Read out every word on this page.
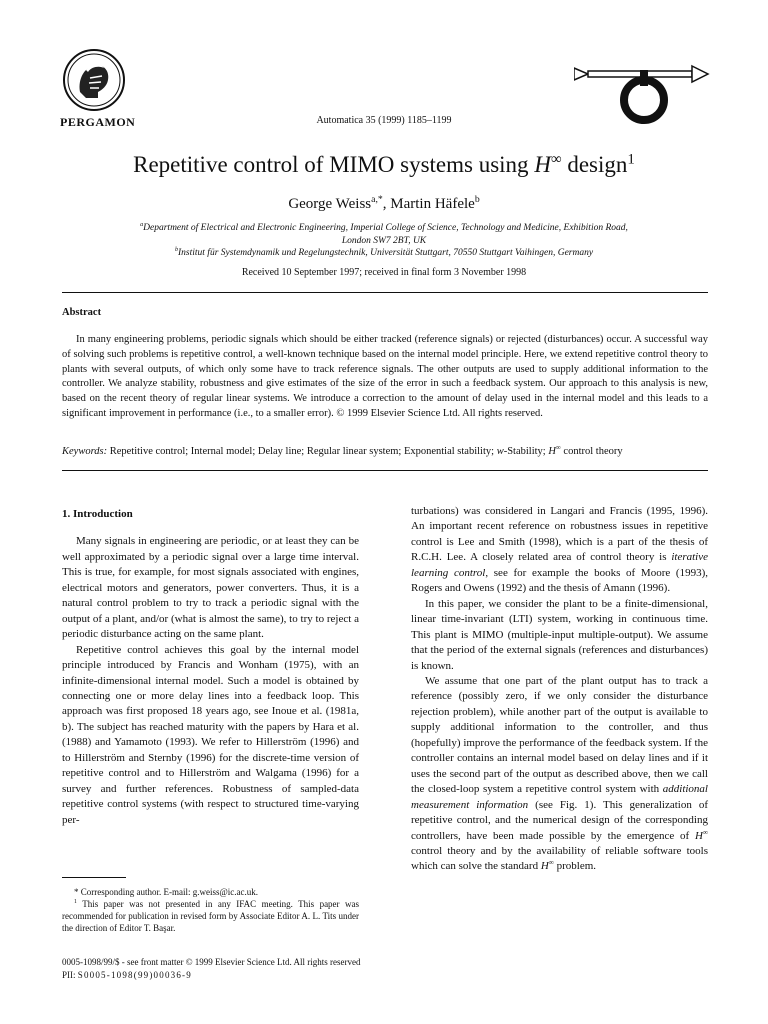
PERGAMON	Automatica 35 (1999) 1185–1199
Repetitive control of MIMO systems using H∞ design$^1$
George Weiss$^{a,*}$, Martin Häfele$^b$
$^a$Department of Electrical and Electronic Engineering, Imperial College of Science, Technology and Medicine, Exhibition Road,
London SW7 2BT, UK
$^b$Institut für Systemdynamik und Regelungstechnik, Universität Stuttgart, 70550 Stuttgart Vaihingen, Germany
Received 10 September 1997; received in final form 3 November 1998
Abstract
In many engineering problems, periodic signals which should be either tracked (reference signals) or rejected (disturbances) occur. A successful way of solving such problems is repetitive control, a well-known technique based on the internal model principle. Here, we extend repetitive control theory to plants with several outputs, of which only some have to track reference signals. The other outputs are used to supply additional information to the controller. We analyze stability, robustness and give estimates of the size of the error in such a feedback system. Our approach to this analysis is new, based on the recent theory of regular linear systems. We introduce a correction to the amount of delay used in the internal model and this leads to a significant improvement in performance (i.e., to a smaller error). © 1999 Elsevier Science Ltd. All rights reserved.
Keywords: Repetitive control; Internal model; Delay line; Regular linear system; Exponential stability; w-Stability; H∞ control theory

1. Introduction

Many signals in engineering are periodic, or at least they can be well approximated by a periodic signal over a large time interval. This is true, for example, for most signals associated with engines, electrical motors and generators, power converters. Thus, it is a natural control problem to try to track a periodic signal with the output of a plant, and/or (what is almost the same), to try to reject a periodic disturbance acting on the same plant.

Repetitive control achieves this goal by the internal model principle introduced by Francis and Wonham (1975), with an infinite-dimensional internal model. Such a model is obtained by connecting one or more delay lines into a feedback loop. This approach was first proposed 18 years ago, see Inoue et al. (1981a, b). The subject has reached maturity with the papers by Hara et al. (1988) and Yamamoto (1993). We refer to Hillerström (1996) and to Hillerström and Sternby (1996) for the discrete-time version of repetitive control and to Hillerström and Walgama (1996) for a survey and further references. Robustness of sampled-data repetitive control systems (with respect to structured time-varying per-

turbations) was considered in Langari and Francis (1995, 1996). An important recent reference on robustness issues in repetitive control is Lee and Smith (1998), which is a part of the thesis of R.C.H. Lee. A closely related area of control theory is iterative learning control, see for example the books of Moore (1993), Rogers and Owens (1992) and the thesis of Amann (1996).

In this paper, we consider the plant to be a finite-dimensional, linear time-invariant (LTI) system, working in continuous time. This plant is MIMO (multiple-input multiple-output). We assume that the period of the external signals (references and disturbances) is known.

We assume that one part of the plant output has to track a reference (possibly zero, if we only consider the disturbance rejection problem), while another part of the output is available to supply additional information to the controller, and thus (hopefully) improve the performance of the feedback system. If the controller contains an internal model based on delay lines and if it uses the second part of the output as described above, then we call the closed-loop system a repetitive control system with additional measurement information (see Fig. 1). This generalization of repetitive control, and the numerical design of the corresponding controllers, have been made possible by the emergence of H∞ control theory and by the availability of reliable software tools which can solve the standard H∞ problem.

* Corresponding author. E-mail: g.weiss@ic.ac.uk.

$^1$ This paper was not presented in any IFAC meeting. This paper was recommended for publication in revised form by Associate Editor A. L. Tits under the direction of Editor T. Başar.

0005-1098/99/$ - see front matter © 1999 Elsevier Science Ltd. All rights reserved
PII: S0005-1098(99)00036-9
